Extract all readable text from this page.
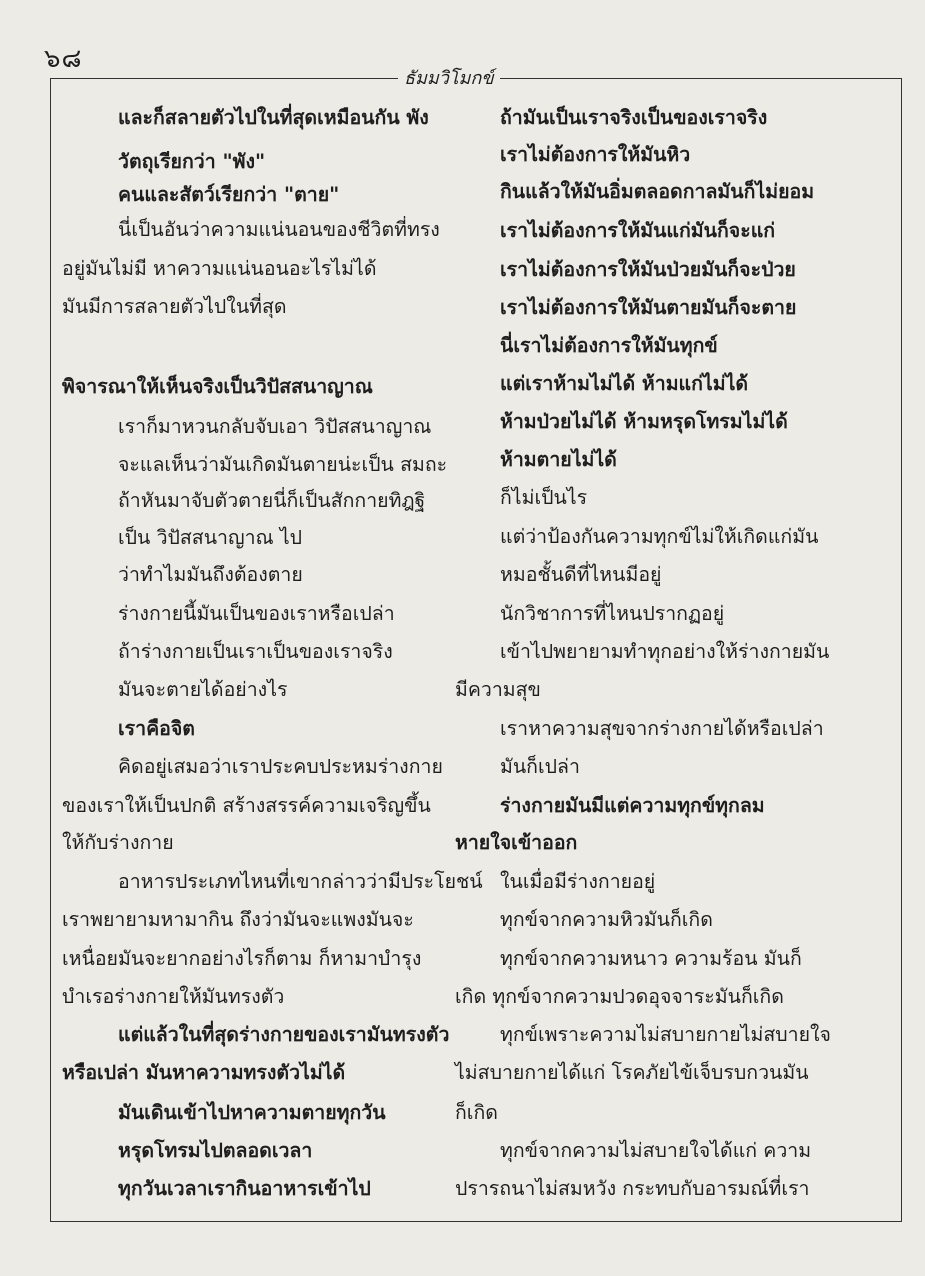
๖๘
ธัมมวิโมกข์
และก็สลายตัวไปในที่สุดเหมือนกัน พัง
วัตถุเรียกว่า "พัง"
คนและสัตว์เรียกว่า "ตาย"
นี่เป็นอันว่าความแน่นอนของชีวิตที่ทรง
อยู่มันไม่มี หาความแน่นอนอะไรไม่ได้
มันมีการสลายตัวไปในที่สุด
พิจารณาให้เห็นจริงเป็นวิปัสสนาญาณ
เราก็มาหวนกลับจับเอา วิปัสสนาญาณ
จะแลเห็นว่ามันเกิดมันตายน่ะเป็น สมถะ
ถ้าหันมาจับตัวตายนี่ก็เป็นสักกายทิฎฐิ
เป็น วิปัสสนาญาณ ไป
ว่าทำไมมันถึงต้องตาย
ร่างกายนี้มันเป็นของเราหรือเปล่า
ถ้าร่างกายเป็นเราเป็นของเราจริง
มันจะตายได้อย่างไร
เราคือจิต
คิดอยู่เสมอว่าเราประคบประหมร่างกาย
ของเราให้เป็นปกติ สร้างสรรค์ความเจริญขึ้น
ให้กับร่างกาย
อาหารประเภทไหนที่เขากล่าวว่ามีประโยชน์
เราพยายามหามากิน ถึงว่ามันจะแพงมันจะ
เหนื่อยมันจะยากอย่างไรก็ตาม ก็หามาบำรุง
บำเรอร่างกายให้มันทรงตัว
แต่แล้วในที่สุดร่างกายของเรามันทรงตัว
หรือเปล่า มันหาความทรงตัวไม่ได้
มันเดินเข้าไปหาความตายทุกวัน
หรุดโทรมไปตลอดเวลา
ทุกวันเวลาเรากินอาหารเข้าไป
ถ้ามันเป็นเราจริงเป็นของเราจริง
เราไม่ต้องการให้มันหิว
กินแล้วให้มันอิ่มตลอดกาลมันก็ไม่ยอม
เราไม่ต้องการให้มันแก่มันก็จะแก่
เราไม่ต้องการให้มันป่วยมันก็จะป่วย
เราไม่ต้องการให้มันตายมันก็จะตาย
นี่เราไม่ต้องการให้มันทุกข์
แต่เราห้ามไม่ได้ ห้ามแก่ไม่ได้
ห้ามป่วยไม่ได้ ห้ามหรุดโทรมไม่ได้
ห้ามตายไม่ได้
ก็ไม่เป็นไร
แต่ว่าป้องกันความทุกข์ไม่ให้เกิดแก่มัน
หมอชั้นดีที่ไหนมีอยู่
นักวิชาการที่ไหนปรากฏอยู่
เข้าไปพยายามทำทุกอย่างให้ร่างกายมัน
มีความสุข
เราหาความสุขจากร่างกายได้หรือเปล่า
มันก็เปล่า
ร่างกายมันมีแต่ความทุกข์ทุกลม
หายใจเข้าออก
ในเมื่อมีร่างกายอยู่
ทุกข์จากความหิวมันก็เกิด
ทุกข์จากความหนาว ความร้อน มันก็
เกิด ทุกข์จากความปวดอุจจาระมันก็เกิด
ทุกข์เพราะความไม่สบายกายไม่สบายใจ
ไม่สบายกายได้แก่ โรคภัยไข้เจ็บรบกวนมัน
ก็เกิด
ทุกข์จากความไม่สบายใจได้แก่ ความ
ปรารถนาไม่สมหวัง กระทบกับอารมณ์ที่เรา
